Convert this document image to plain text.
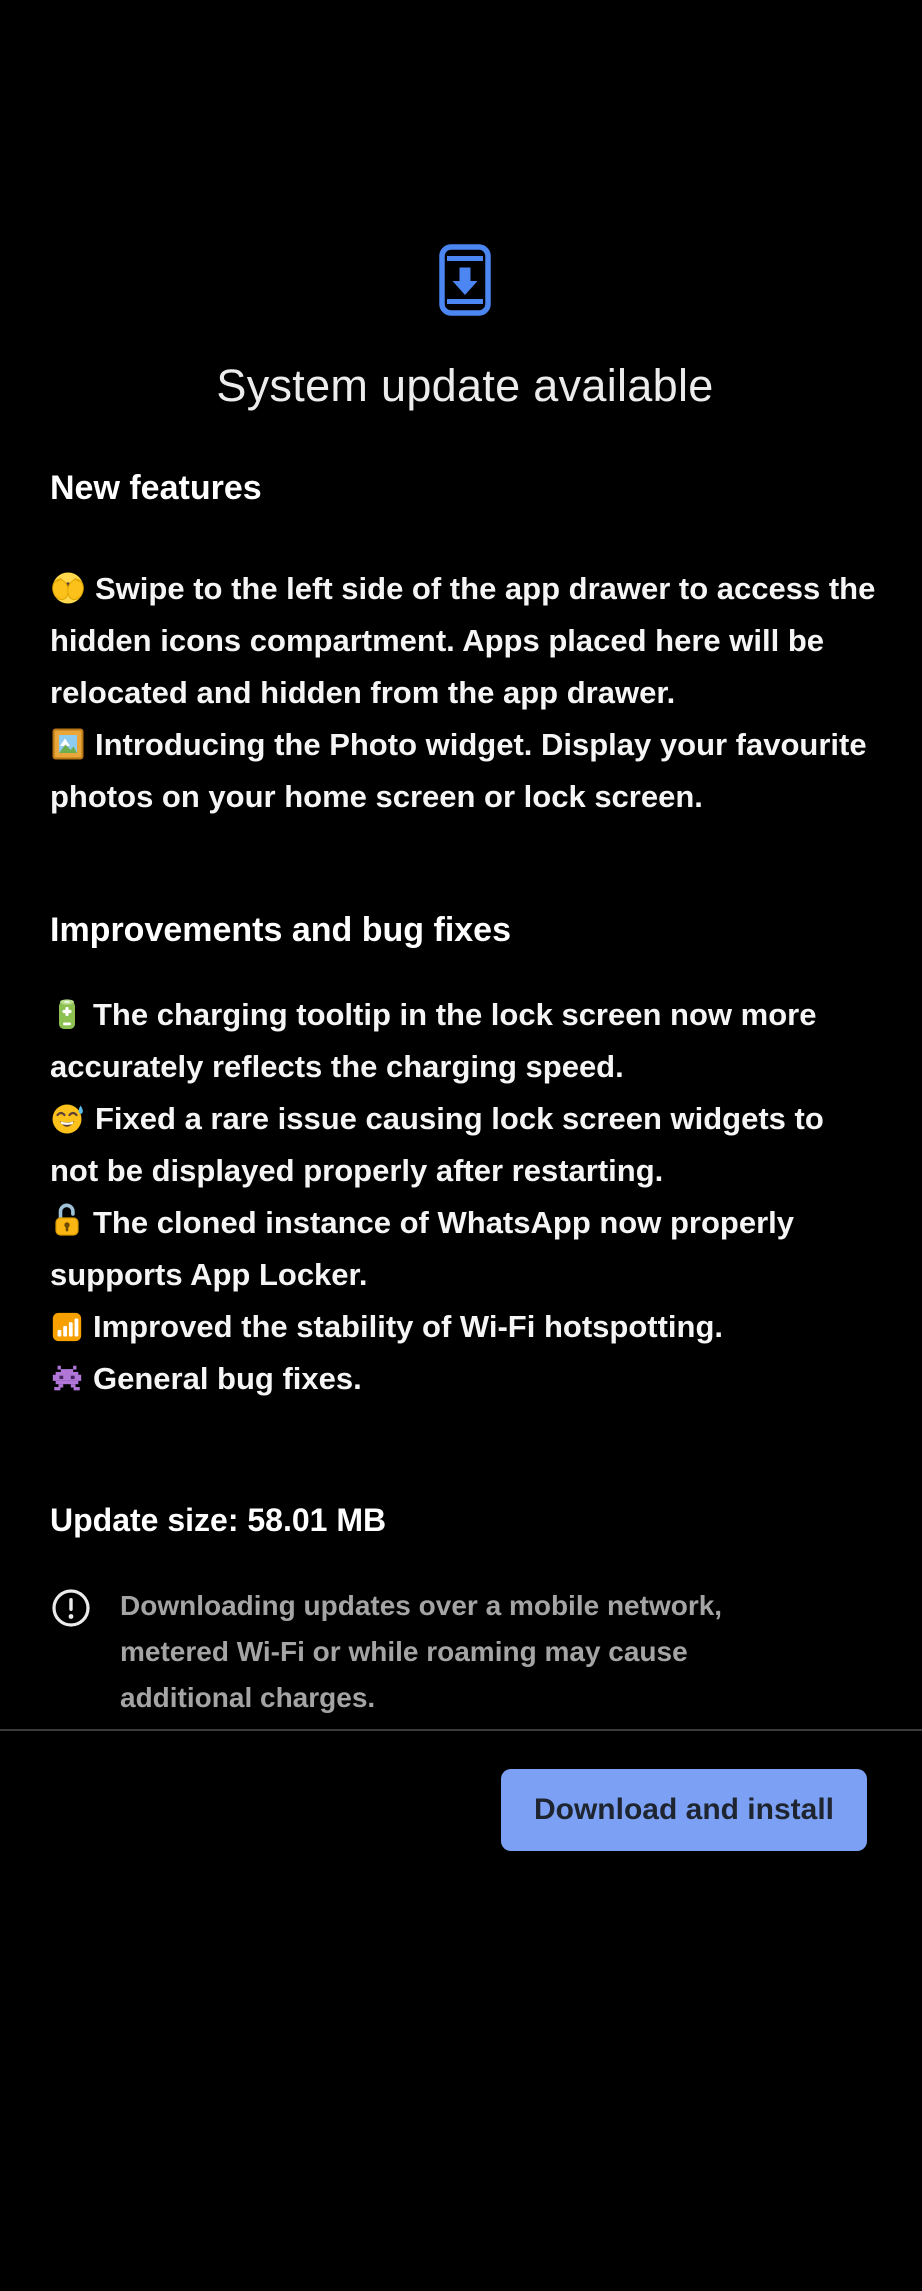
System update available
New features

Swipe to the left side of the app drawer to access the hidden icons compartment. Apps placed here will be relocated and hidden from the app drawer.

Introducing the Photo widget. Display your favourite photos on your home screen or lock screen.

Improvements and bug fixes

The charging tooltip in the lock screen now more accurately reflects the charging speed.

Fixed a rare issue causing lock screen widgets to not be displayed properly after restarting.

The cloned instance of WhatsApp now properly supports App Locker.

Improved the stability of Wi-Fi hotspotting.

General bug fixes.

Update size: 58.01 MB

Downloading updates over a mobile network, metered Wi-Fi or while roaming may cause additional charges.

Download and install
